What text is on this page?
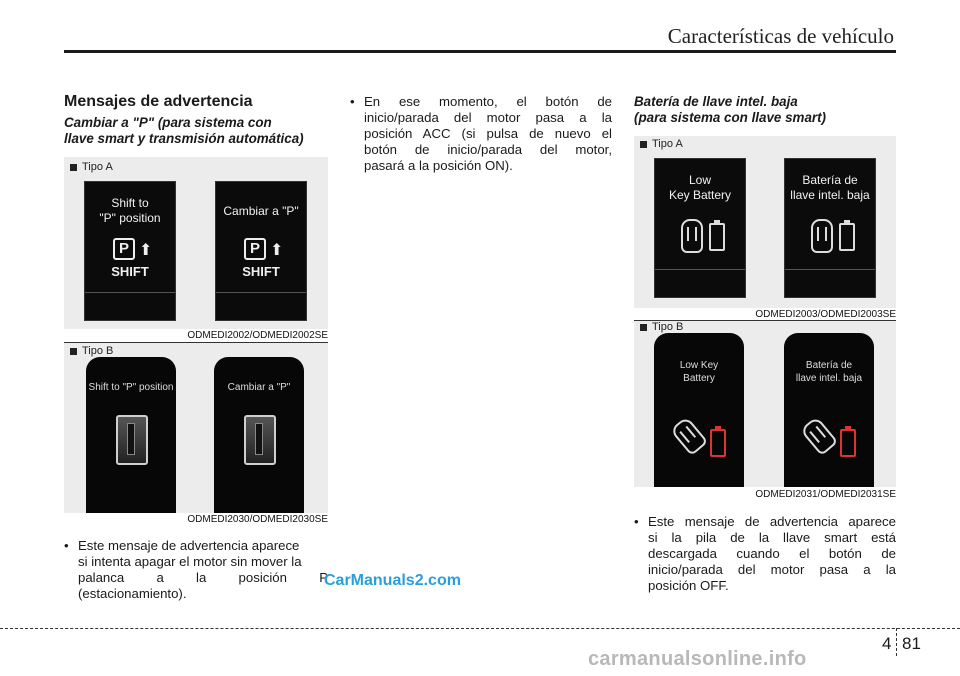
Características de vehículo
Mensajes de advertencia
Cambiar a "P" (para sistema con
llave smart y transmisión automática)
Tipo A
Shift to
"P" position
P ⬆
SHIFT
Cambiar a "P"
P ⬆
SHIFT
ODMEDI2002/ODMEDI2002SE
Tipo B
Shift to "P" position	Cambiar a "P"
ODMEDI2030/ODMEDI2030SE
• Este mensaje de advertencia aparece
si intenta apagar el motor sin mover la
palanca a la posición P
(estacionamiento).
• En ese momento, el botón de
inicio/parada del motor pasa a la
posición ACC (si pulsa de nuevo el
botón de inicio/parada del motor,
pasará a la posición ON).
Batería de llave intel. baja
(para sistema con llave smart)
Tipo A
Low
Key Battery
Batería de
llave intel. baja
ODMEDI2003/ODMEDI2003SE
Tipo B
Low Key
Battery
Batería de
llave intel. baja
ODMEDI2031/ODMEDI2031SE
• Este mensaje de advertencia aparece
si la pila de la llave smart está
descargada cuando el botón de
inicio/parada del motor pasa a la
posición OFF.
CarManuals2.com
4 81
carmanualsonline.info
